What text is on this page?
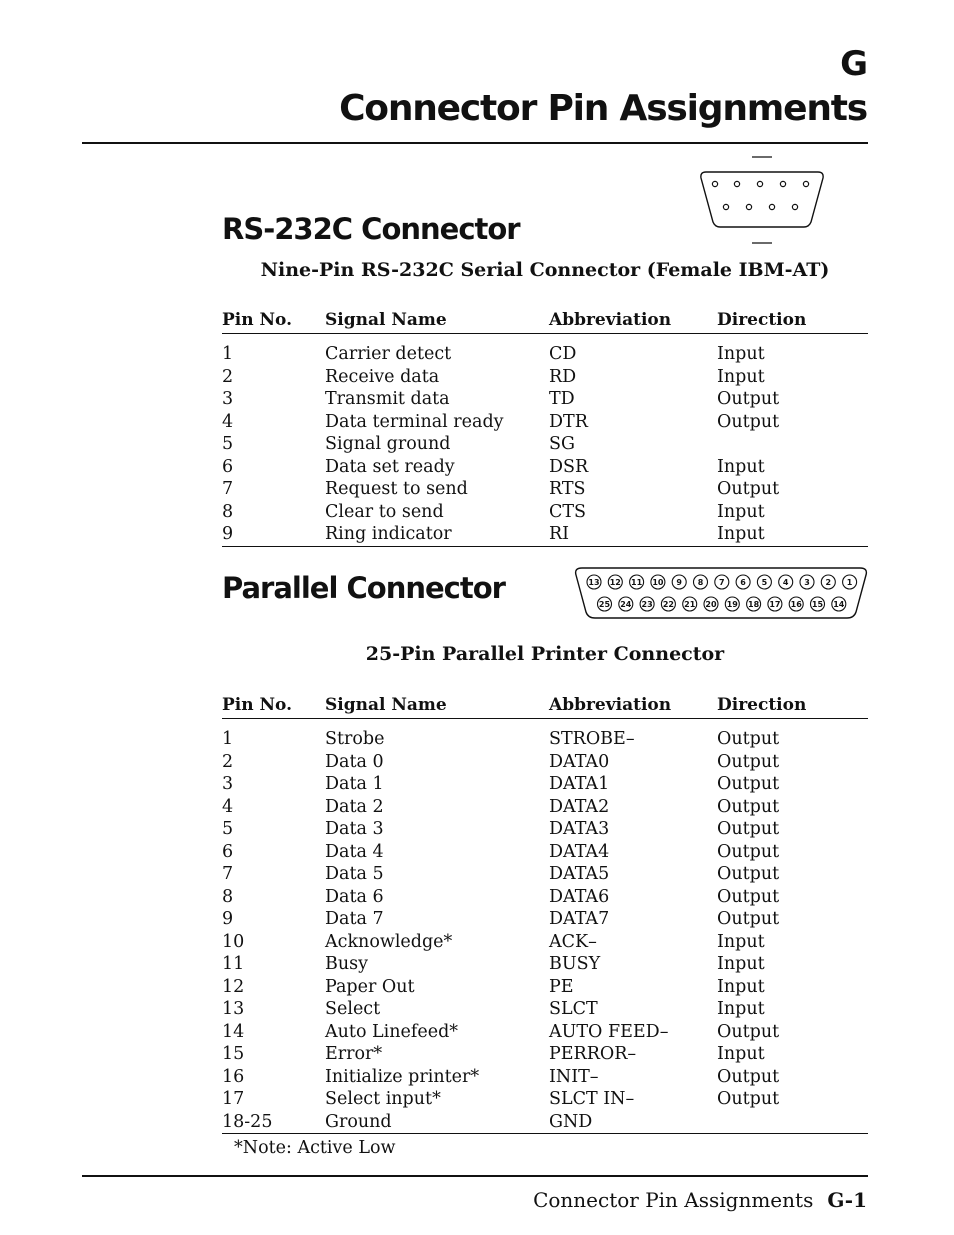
G
Connector Pin Assignments
RS-232C Connector
Nine-Pin RS-232C Serial Connector (Female IBM-AT)
Pin No.	Signal Name	Abbreviation	Direction
1	Carrier detect	CD	Input
2	Receive data	RD	Input
3	Transmit data	TD	Output
4	Data terminal ready	DTR	Output
5	Signal ground	SG	
6	Data set ready	DSR	Input
7	Request to send	RTS	Output
8	Clear to send	CTS	Input
9	Ring indicator	RI	Input
Parallel Connector	13 12 11 10 9 8 7 6 5 4 3 2 1
25 24 23 22 21 20 19 18 17 16 15 14
25-Pin Parallel Printer Connector
Pin No.	Signal Name	Abbreviation	Direction
1	Strobe	STROBE–	Output
2	Data 0	DATA0	Output
3	Data 1	DATA1	Output
4	Data 2	DATA2	Output
5	Data 3	DATA3	Output
6	Data 4	DATA4	Output
7	Data 5	DATA5	Output
8	Data 6	DATA6	Output
9	Data 7	DATA7	Output
10	Acknowledge*	ACK–	Input
11	Busy	BUSY	Input
12	Paper Out	PE	Input
13	Select	SLCT	Input
14	Auto Linefeed*	AUTO FEED–	Output
15	Error*	PERROR–	Input
16	Initialize printer*	INIT–	Output
17	Select input*	SLCT IN–	Output
18-25	Ground	GND	
*Note: Active Low
Connector Pin Assignments G-1
